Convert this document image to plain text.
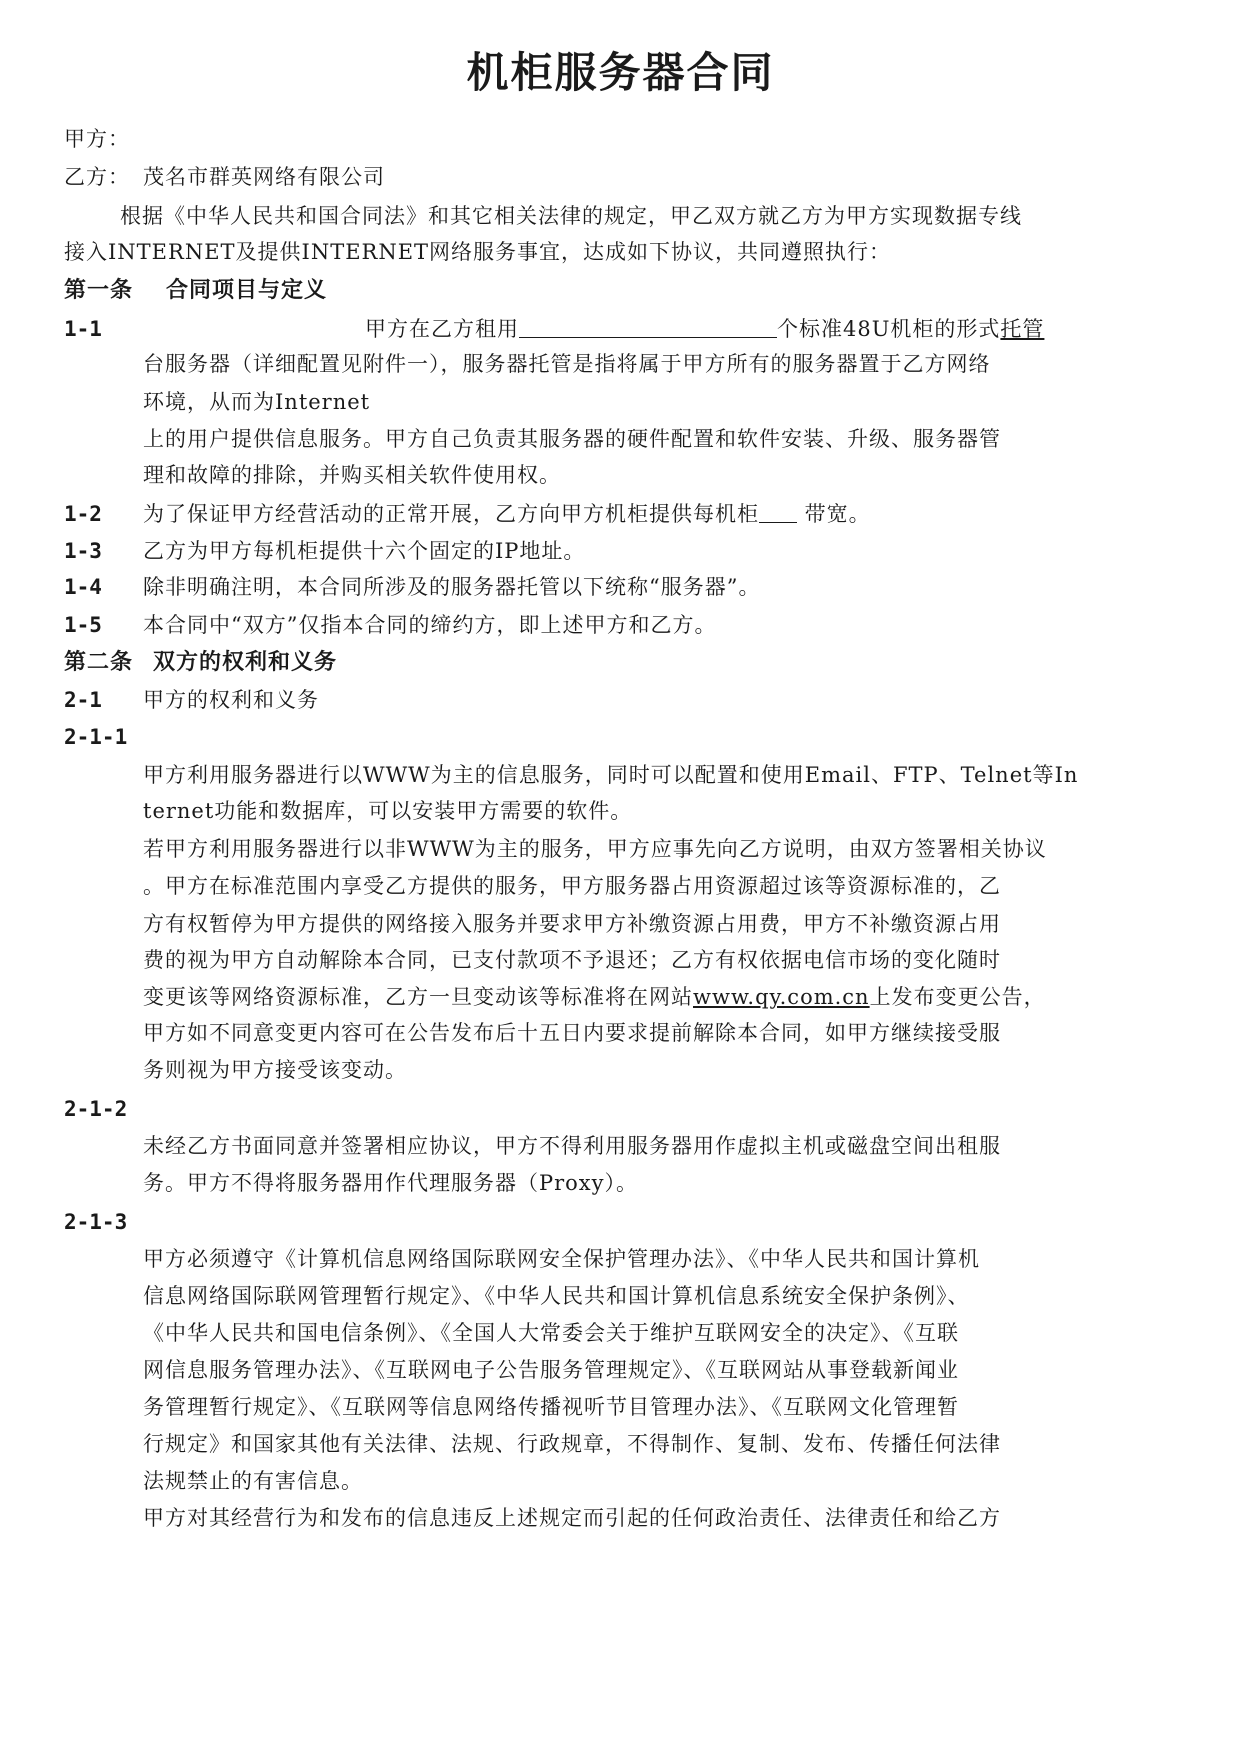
机柜服务器合同
甲方：
乙方： 茂名市群英网络有限公司
根据《中华人民共和国合同法》和其它相关法律的规定，甲乙双方就乙方为甲方实现数据专线
接入INTERNET及提供INTERNET网络服务事宜，达成如下协议，共同遵照执行：
第一条 合同项目与定义
1-1	甲方在乙方租用	个标准48U机柜的形式托管
台服务器（详细配置见附件一），服务器托管是指将属于甲方所有的服务器置于乙方网络
环境，从而为Internet
上的用户提供信息服务。甲方自己负责其服务器的硬件配置和软件安装、升级、服务器管
理和故障的排除，并购买相关软件使用权。
1-2 为了保证甲方经营活动的正常开展，乙方向甲方机柜提供每机柜 带宽。
1-3 乙方为甲方每机柜提供十六个固定的IP地址。
1-4 除非明确注明，本合同所涉及的服务器托管以下统称“服务器”。
1-5 本合同中“双方”仅指本合同的缔约方，即上述甲方和乙方。
第二条 双方的权利和义务
2-1 甲方的权利和义务
2-1-1
甲方利用服务器进行以WWW为主的信息服务，同时可以配置和使用Email、FTP、Telnet等In
ternet功能和数据库，可以安装甲方需要的软件。
若甲方利用服务器进行以非WWW为主的服务，甲方应事先向乙方说明，由双方签署相关协议
。甲方在标准范围内享受乙方提供的服务，甲方服务器占用资源超过该等资源标准的，乙
方有权暂停为甲方提供的网络接入服务并要求甲方补缴资源占用费，甲方不补缴资源占用
费的视为甲方自动解除本合同，已支付款项不予退还；乙方有权依据电信市场的变化随时
变更该等网络资源标准，乙方一旦变动该等标准将在网站www.qy.com.cn上发布变更公告，
甲方如不同意变更内容可在公告发布后十五日内要求提前解除本合同，如甲方继续接受服
务则视为甲方接受该变动。
2-1-2
未经乙方书面同意并签署相应协议，甲方不得利用服务器用作虚拟主机或磁盘空间出租服
务。甲方不得将服务器用作代理服务器（Proxy）。
2-1-3
甲方必须遵守《计算机信息网络国际联网安全保护管理办法》、《中华人民共和国计算机
信息网络国际联网管理暂行规定》、《中华人民共和国计算机信息系统安全保护条例》、
《中华人民共和国电信条例》、《全国人大常委会关于维护互联网安全的决定》、《互联
网信息服务管理办法》、《互联网电子公告服务管理规定》、《互联网站从事登载新闻业
务管理暂行规定》、《互联网等信息网络传播视听节目管理办法》、《互联网文化管理暂
行规定》和国家其他有关法律、法规、行政规章，不得制作、复制、发布、传播任何法律
法规禁止的有害信息。
甲方对其经营行为和发布的信息违反上述规定而引起的任何政治责任、法律责任和给乙方
